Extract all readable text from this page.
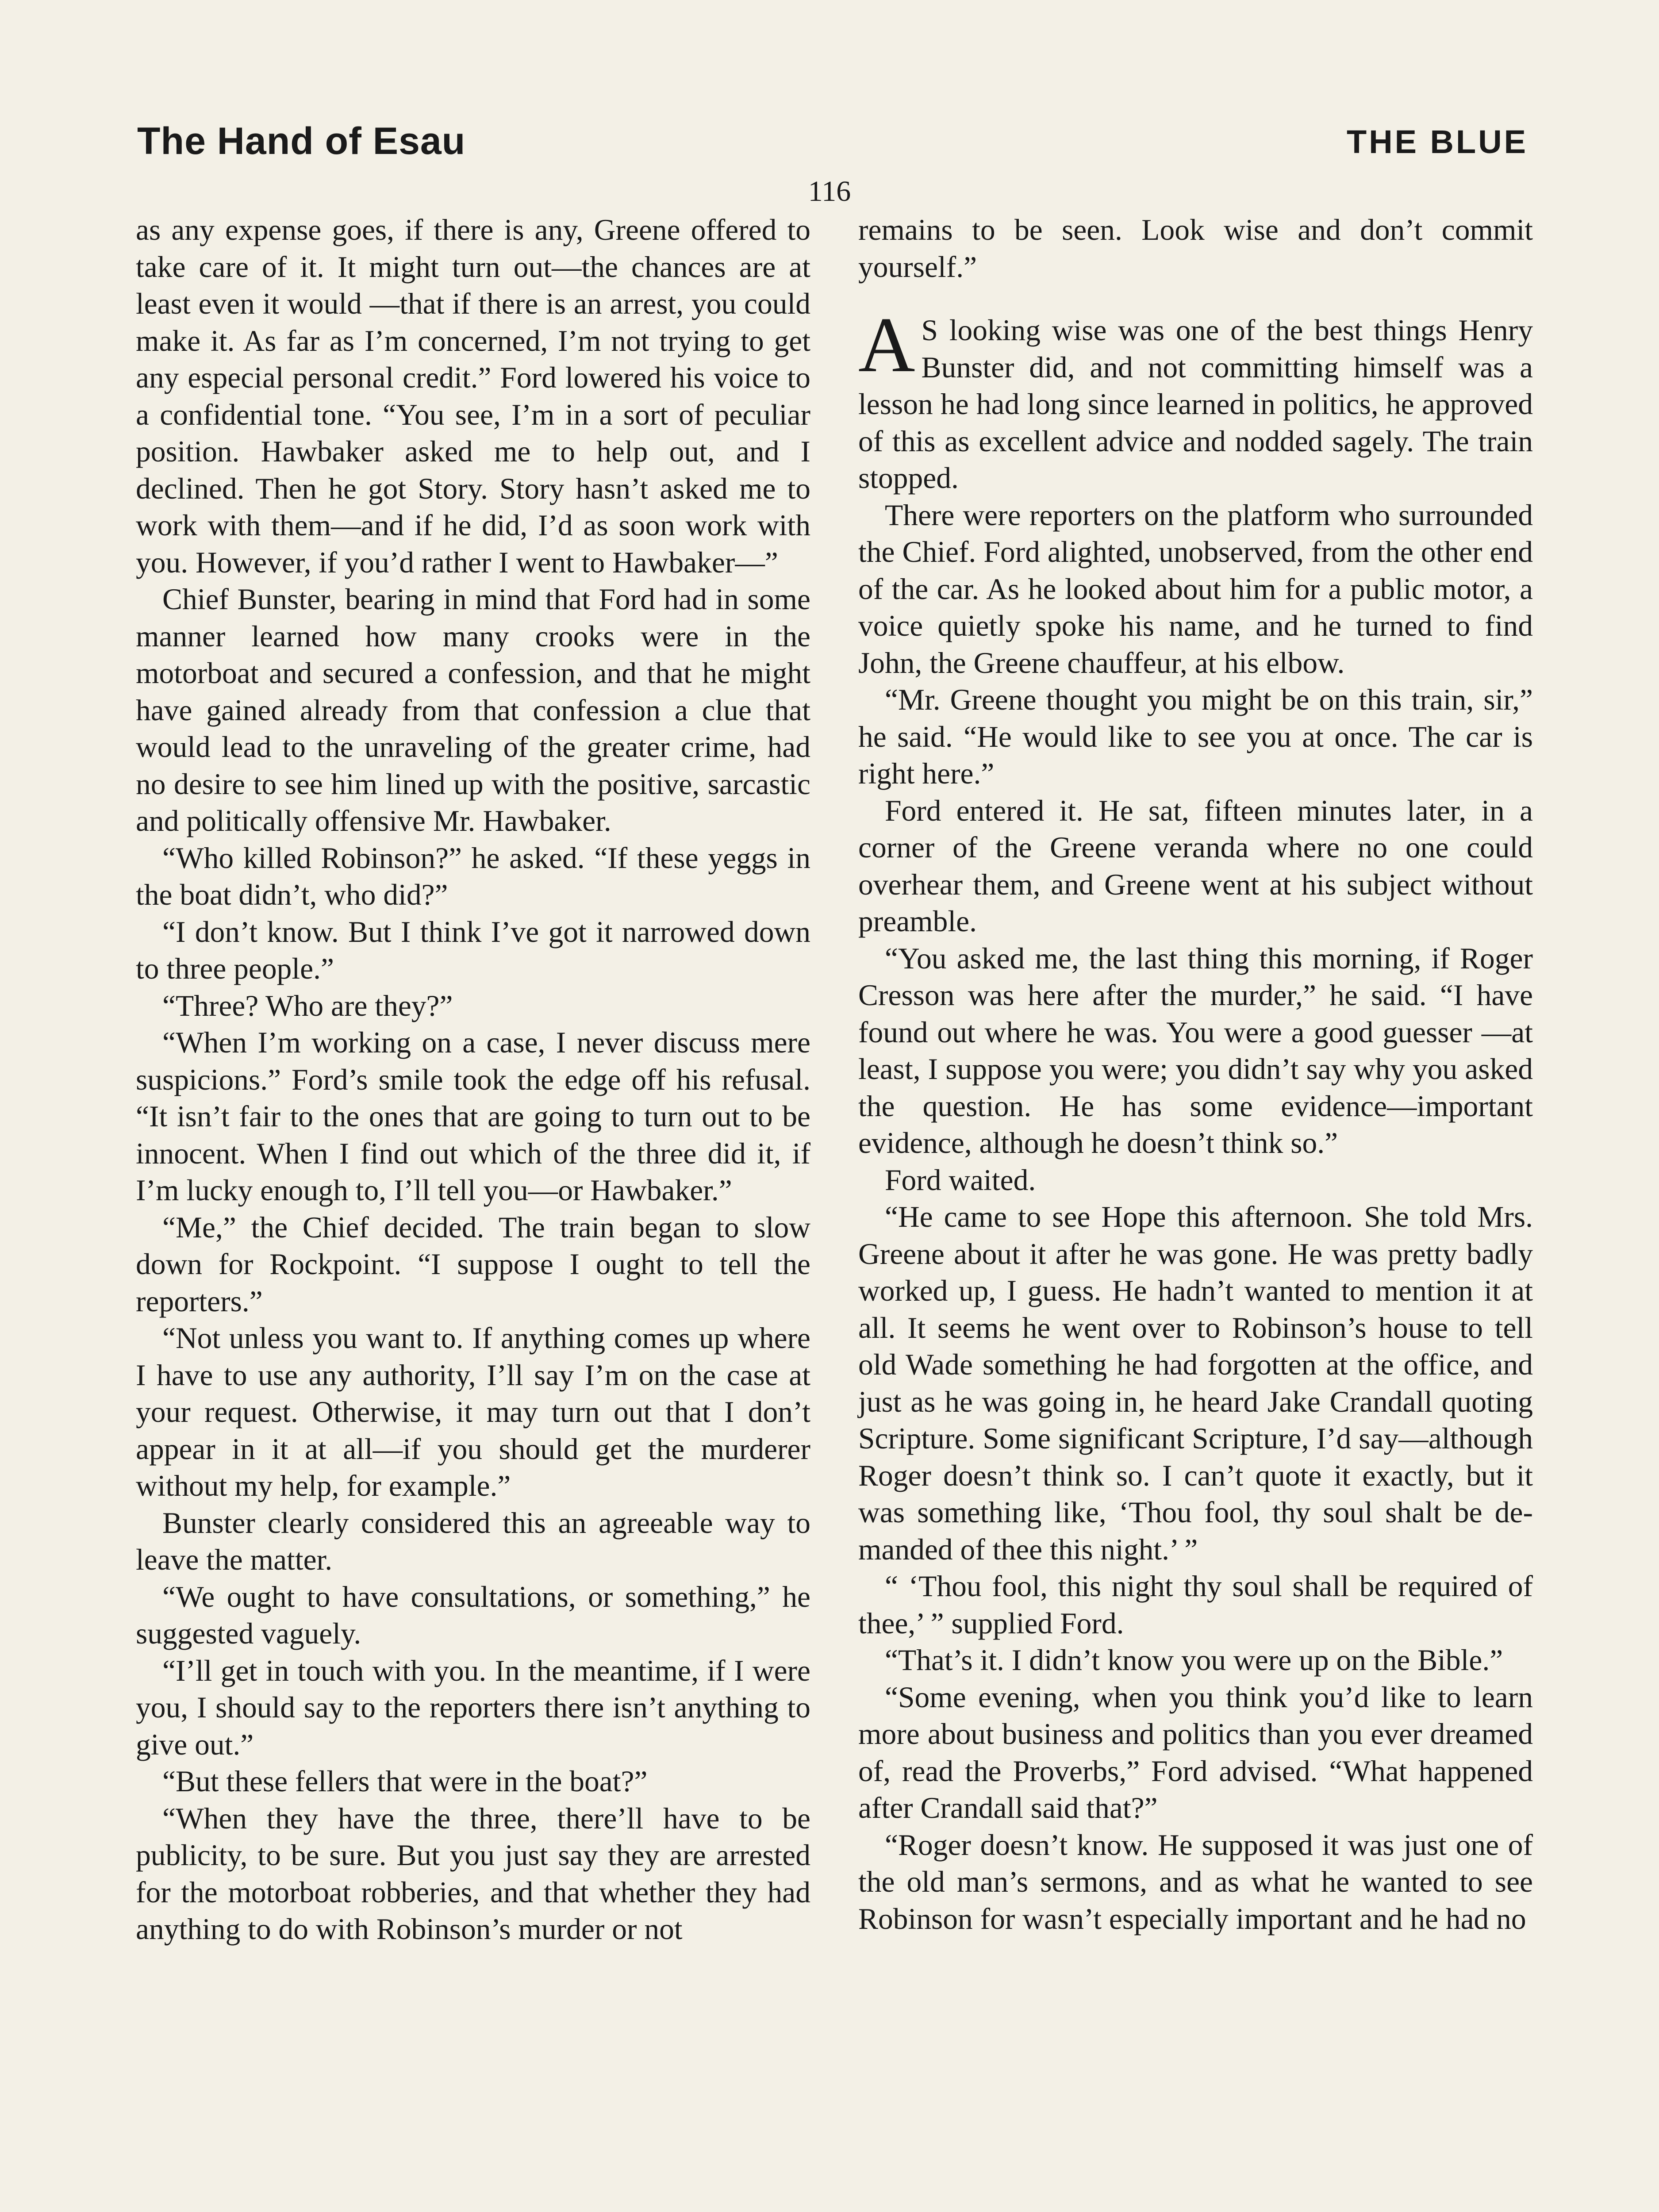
The Hand of Esau	THE BLUE
116

as any expense goes, if there is any, Greene offered to take care of it. It might turn out—the chances are at least even it would —that if there is an arrest, you could make it. As far as I’m concerned, I’m not trying to get any especial personal credit.” Ford lowered his voice to a confidential tone. “You see, I’m in a sort of peculiar position. Hawbaker asked me to help out, and I declined. Then he got Story. Story hasn’t asked me to work with them—and if he did, I’d as soon work with you. However, if you’d rather I went to Hawbaker—”

Chief Bunster, bearing in mind that Ford had in some manner learned how many crooks were in the motorboat and secured a confession, and that he might have gained already from that confession a clue that would lead to the unraveling of the greater crime, had no desire to see him lined up with the positive, sarcastic and politically offensive Mr. Hawbaker.

“Who killed Robinson?” he asked. “If these yeggs in the boat didn’t, who did?”

“I don’t know. But I think I’ve got it narrowed down to three people.”

“Three? Who are they?”

“When I’m working on a case, I never discuss mere suspicions.” Ford’s smile took the edge off his refusal. “It isn’t fair to the ones that are going to turn out to be innocent. When I find out which of the three did it, if I’m lucky enough to, I’ll tell you—or Hawbaker.”

“Me,” the Chief decided. The train began to slow down for Rockpoint. “I suppose I ought to tell the reporters.”

“Not unless you want to. If anything comes up where I have to use any authority, I’ll say I’m on the case at your request. Otherwise, it may turn out that I don’t appear in it at all—if you should get the murderer without my help, for example.”

Bunster clearly considered this an agreeable way to leave the matter.

“We ought to have consultations, or something,” he suggested vaguely.

“I’ll get in touch with you. In the meantime, if I were you, I should say to the reporters there isn’t anything to give out.”

“But these fellers that were in the boat?”

“When they have the three, there’ll have to be publicity, to be sure. But you just say they are arrested for the motorboat robberies, and that whether they had anything to do with Robinson’s murder or not

remains to be seen. Look wise and don’t commit yourself.”

A S looking wise was one of the best things Henry Bunster did, and not committing himself was a lesson he had long since learned in politics, he approved of this as excellent advice and nodded sagely. The train stopped.

There were reporters on the platform who surrounded the Chief. Ford alighted, unobserved, from the other end of the car. As he looked about him for a public motor, a voice quietly spoke his name, and he turned to find John, the Greene chauffeur, at his elbow.

“Mr. Greene thought you might be on this train, sir,” he said. “He would like to see you at once. The car is right here.”

Ford entered it. He sat, fifteen minutes later, in a corner of the Greene veranda where no one could overhear them, and Greene went at his subject without preamble.

“You asked me, the last thing this morning, if Roger Cresson was here after the murder,” he said. “I have found out where he was. You were a good guesser —at least, I suppose you were; you didn’t say why you asked the question. He has some evidence—important evidence, although he doesn’t think so.”

Ford waited.

“He came to see Hope this afternoon. She told Mrs. Greene about it after he was gone. He was pretty badly worked up, I guess. He hadn’t wanted to mention it at all. It seems he went over to Robinson’s house to tell old Wade something he had forgotten at the office, and just as he was going in, he heard Jake Crandall quoting Scripture. Some significant Scripture, I’d say—although Roger doesn’t think so. I can’t quote it exactly, but it was something like, ‘Thou fool, thy soul shalt be demanded of thee this night.’ ”

“ ‘Thou fool, this night thy soul shall be required of thee,’ ” supplied Ford.

“That’s it. I didn’t know you were up on the Bible.”

“Some evening, when you think you’d like to learn more about business and politics than you ever dreamed of, read the Proverbs,” Ford advised. “What happened after Crandall said that?”

“Roger doesn’t know. He supposed it was just one of the old man’s sermons, and as what he wanted to see Robinson for wasn’t especially important and he had no
